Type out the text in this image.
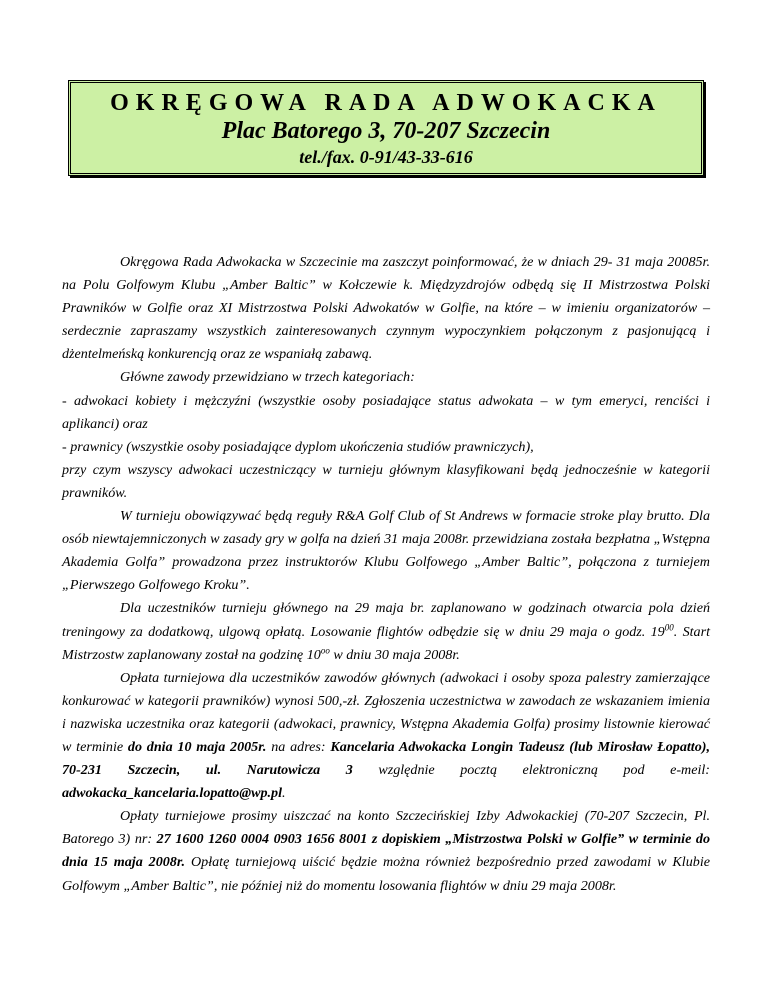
OKRĘGOWA RADA ADWOKACKA
Plac Batorego 3, 70-207 Szczecin
tel./fax. 0-91/43-33-616

Okręgowa Rada Adwokacka w Szczecinie ma zaszczyt poinformować, że w dniach 29- 31 maja 20085r. na Polu Golfowym Klubu „Amber Baltic” w Kołczewie k. Międzyzdrojów odbędą się II Mistrzostwa Polski Prawników w Golfie oraz XI Mistrzostwa Polski Adwokatów w Golfie, na które – w imieniu organizatorów – serdecznie zapraszamy wszystkich zainteresowanych czynnym wypoczynkiem połączonym z pasjonującą i dżentelmeńską konkurencją oraz ze wspaniałą zabawą.

Główne zawody przewidziano w trzech kategoriach:

- adwokaci kobiety i mężczyźni (wszystkie osoby posiadające status adwokata – w tym emeryci, renciści i aplikanci) oraz

- prawnicy (wszystkie osoby posiadające dyplom ukończenia studiów prawniczych),

przy czym wszyscy adwokaci uczestniczący w turnieju głównym klasyfikowani będą jednocześnie w kategorii prawników.

W turnieju obowiązywać będą reguły R&A Golf Club of St Andrews w formacie stroke play brutto. Dla osób niewtajemniczonych w zasady gry w golfa na dzień 31 maja 2008r. przewidziana została bezpłatna „Wstępna Akademia Golfa” prowadzona przez instruktorów Klubu Golfowego „Amber Baltic”, połączona z turniejem „Pierwszego Golfowego Kroku”.

Dla uczestników turnieju głównego na 29 maja br. zaplanowano w godzinach otwarcia pola dzień treningowy za dodatkową, ulgową opłatą. Losowanie flightów odbędzie się w dniu 29 maja o godz. $19^{00}$. Start Mistrzostw zaplanowany został na godzinę $10^{oo}$ w dniu 30 maja 2008r.

Opłata turniejowa dla uczestników zawodów głównych (adwokaci i osoby spoza palestry zamierzające konkurować w kategorii prawników) wynosi 500,-zł. Zgłoszenia uczestnictwa w zawodach ze wskazaniem imienia i nazwiska uczestnika oraz kategorii (adwokaci, prawnicy, Wstępna Akademia Golfa) prosimy listownie kierować w terminie do dnia 10 maja 2005r. na adres: Kancelaria Adwokacka Longin Tadeusz (lub Mirosław Łopatto), 70-231 Szczecin, ul. Narutowicza 3 względnie pocztą elektroniczną pod e-meil: adwokacka_kancelaria.lopatto@wp.pl.

Opłaty turniejowe prosimy uiszczać na konto Szczecińskiej Izby Adwokackiej (70-207 Szczecin, Pl. Batorego 3) nr: 27 1600 1260 0004 0903 1656 8001 z dopiskiem „Mistrzostwa Polski w Golfie” w terminie do dnia 15 maja 2008r. Opłatę turniejową uiścić będzie można również bezpośrednio przed zawodami w Klubie Golfowym „Amber Baltic”, nie później niż do momentu losowania flightów w dniu 29 maja 2008r.
